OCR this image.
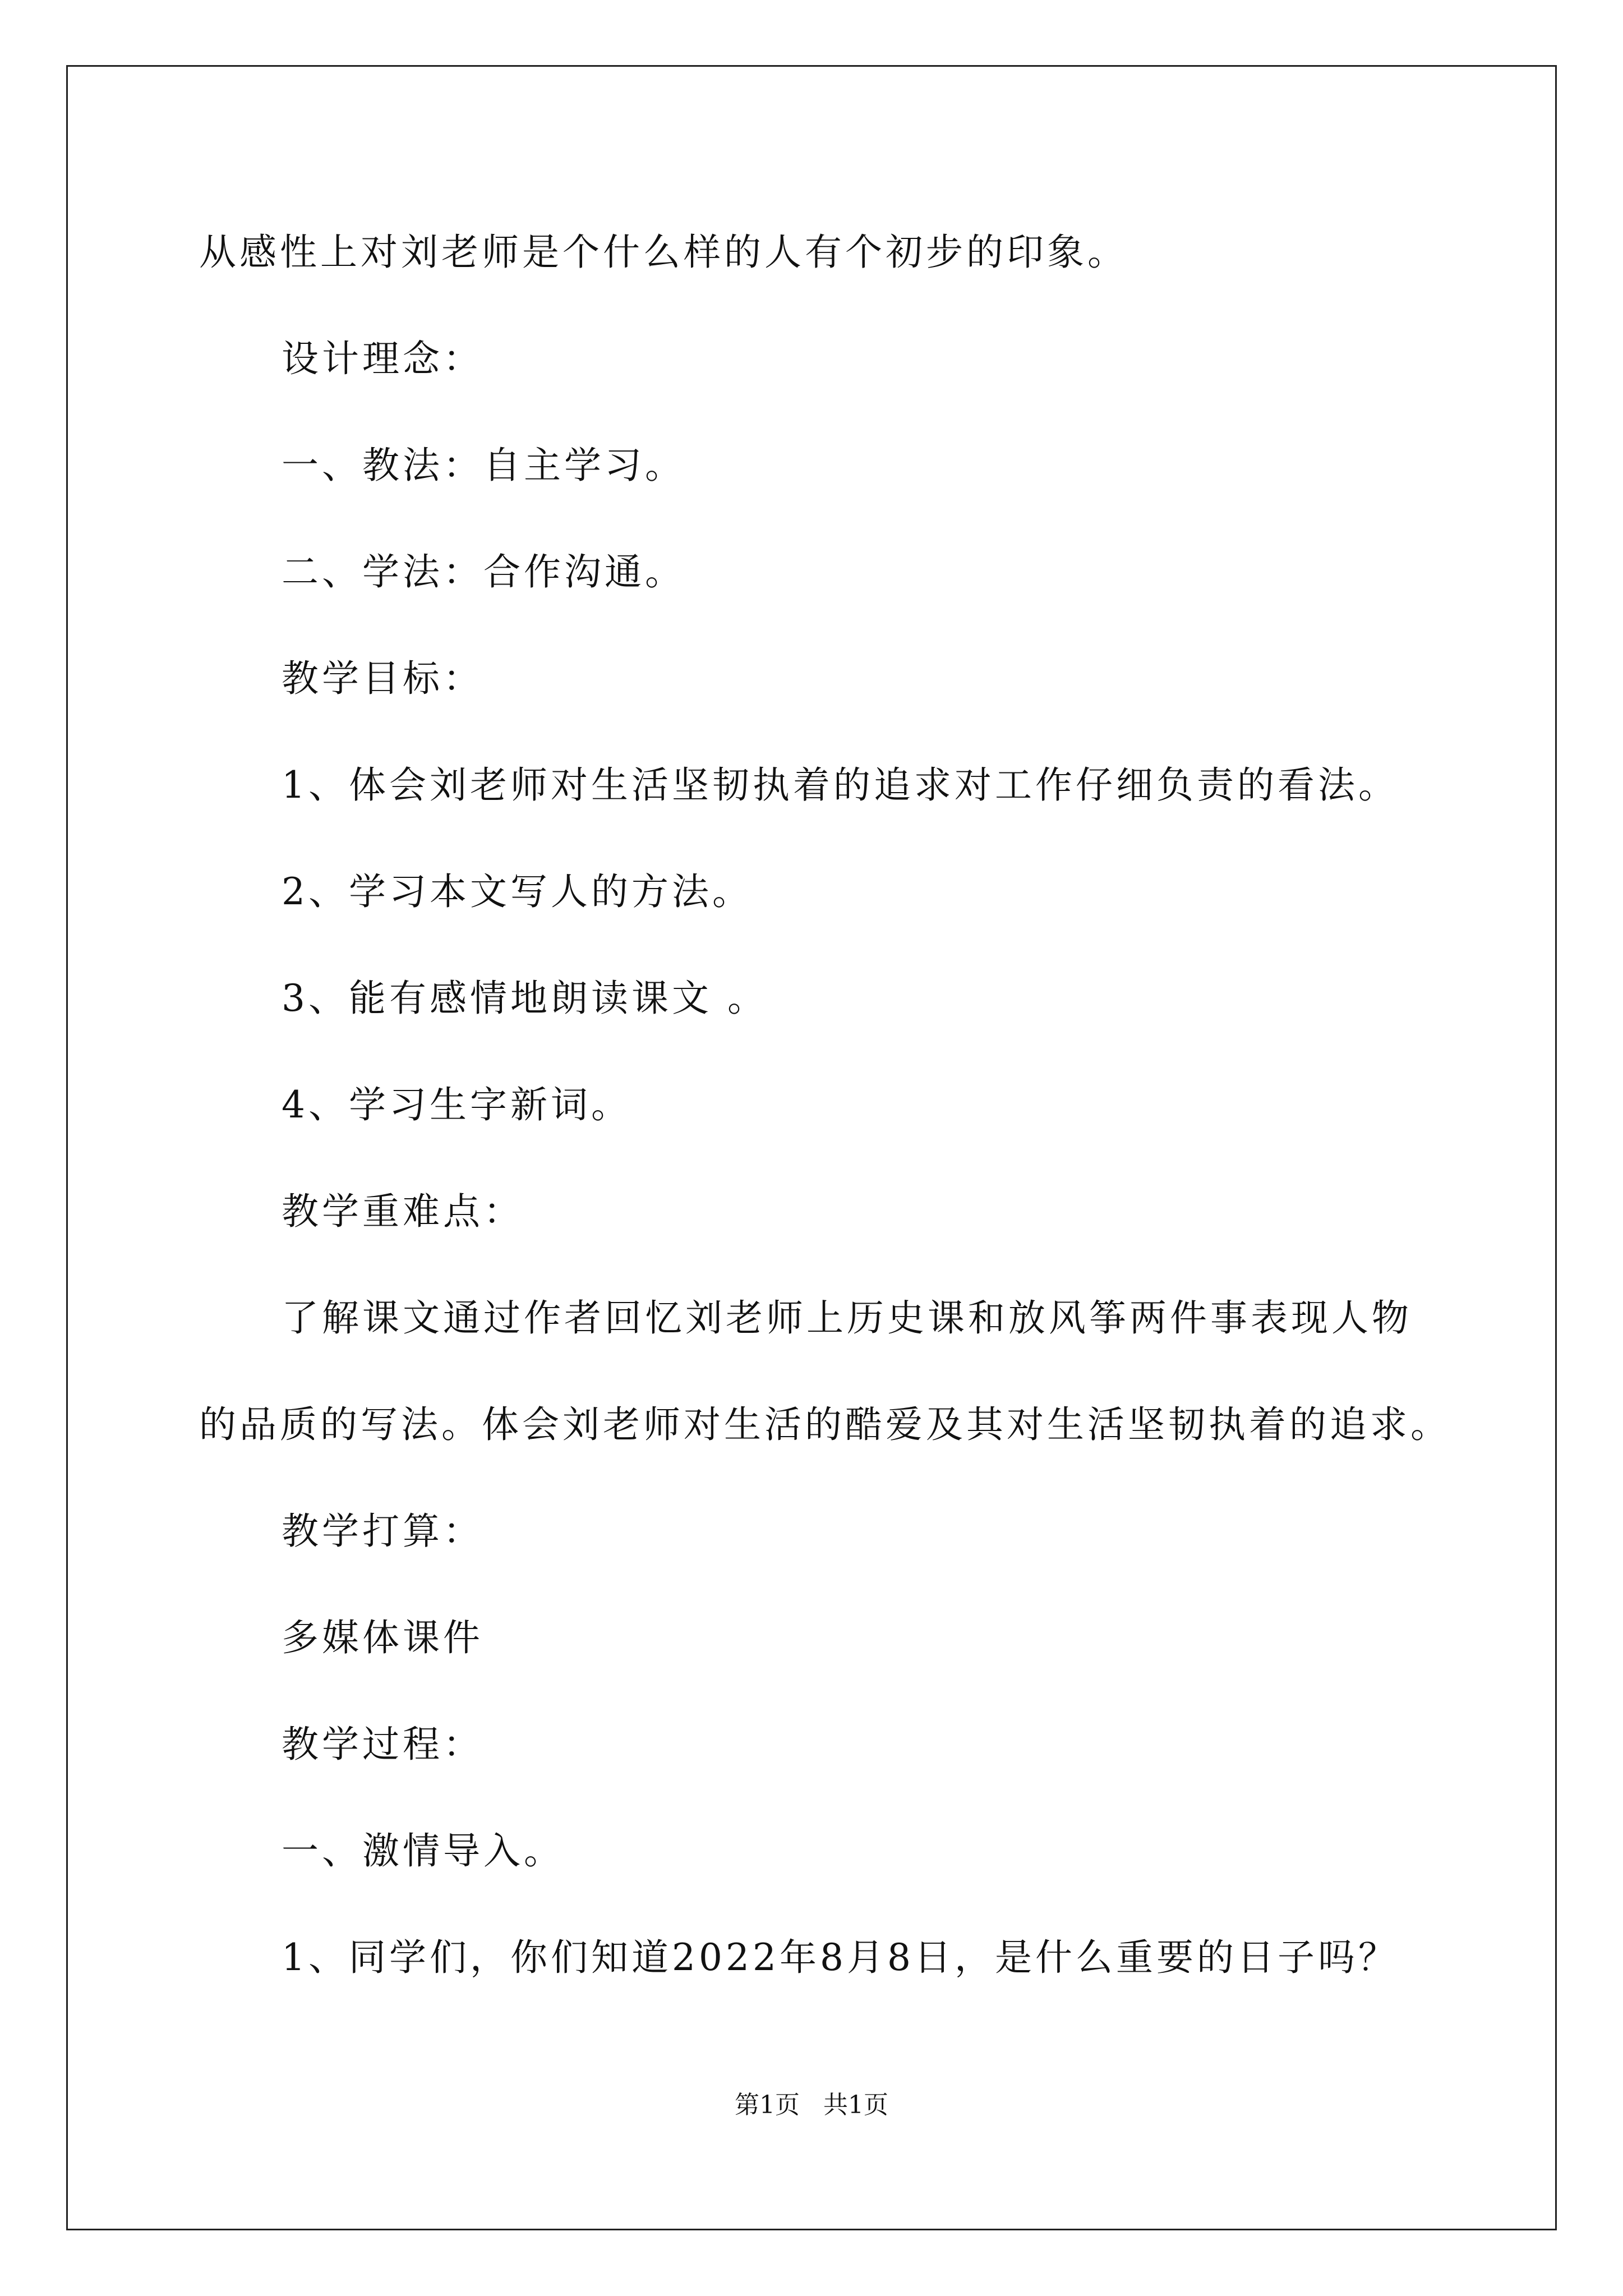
从感性上对刘老师是个什么样的人有个初步的印象。
设计理念：
一、教法：自主学习。
二、学法：合作沟通。
教学目标：
1、体会刘老师对生活坚韧执着的追求对工作仔细负责的看法。
2、学习本文写人的方法。
3、能有感情地朗读课文 。
4、学习生字新词。
教学重难点：
了解课文通过作者回忆刘老师上历史课和放风筝两件事表现人物
的品质的写法。体会刘老师对生活的酷爱及其对生活坚韧执着的追求。
教学打算：
多媒体课件
教学过程：
一、激情导入。
1、同学们，你们知道2022年8月8日，是什么重要的日子吗？
第1页   共1页
